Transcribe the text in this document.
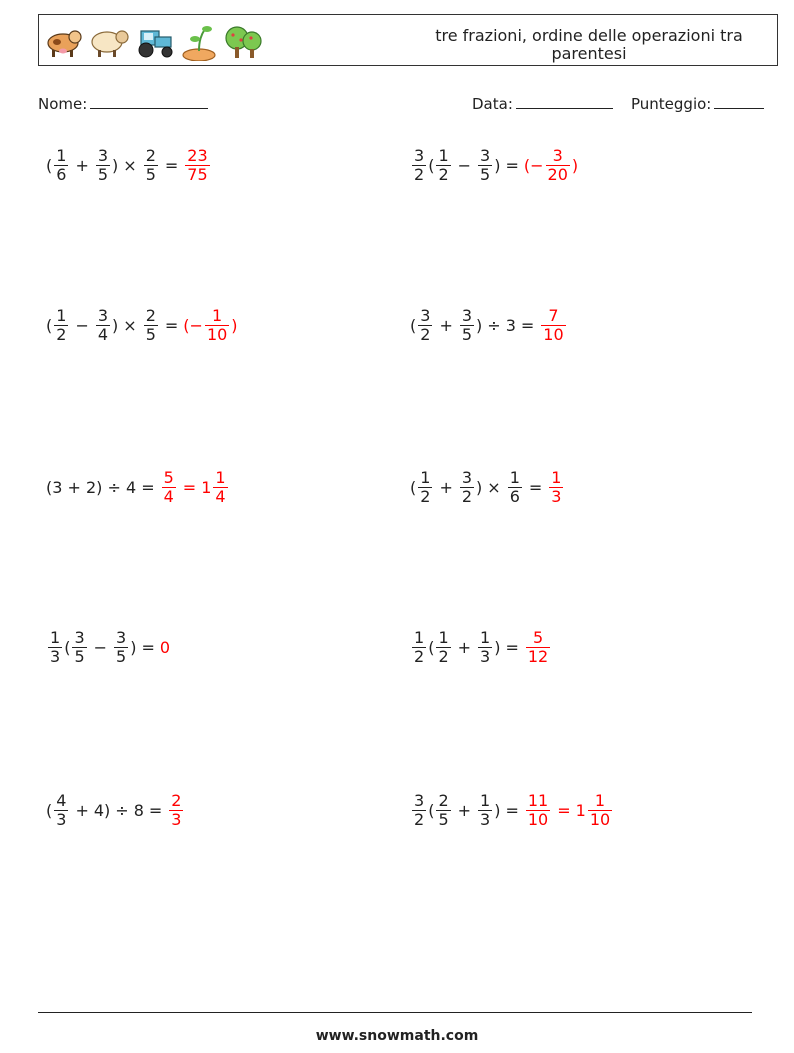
tre frazioni, ordine delle operazioni tra parentesi
Nome:	Data:	Punteggio:
( $\frac{1}{6} + \frac{3}{5}$ ) × $\frac{2}{5} = \frac{23}{75}$	$\frac{3}{2}$ ( $\frac{1}{2} - \frac{3}{5}$ ) = ( − $\frac{3}{20}$ )
( $\frac{1}{2} - \frac{3}{4}$ ) × $\frac{2}{5}$ = ( − $\frac{1}{10}$ )	( $\frac{3}{2} + \frac{3}{5}$ ) ÷ $3 = \frac{7}{10}$
$(3 + 2) \div 4 = \frac{5}{4} = 1 \frac{1}{4}$	( $\frac{1}{2} + \frac{3}{2}$ ) × $\frac{1}{6} = \frac{1}{3}$
$\frac{1}{3}$ ( $\frac{3}{5} - \frac{3}{5}$ ) = 0	$\frac{1}{2}$ ( $\frac{1}{2} + \frac{1}{3}$ ) = $\frac{5}{12}$
( $\frac{4}{3} + 4$ ) ÷ $8 = \frac{2}{3}$	$\frac{3}{2}$ ( $\frac{2}{5} + \frac{1}{3}$ ) = $\frac{11}{10} = 1 \frac{1}{10}$
www.snowmath.com
